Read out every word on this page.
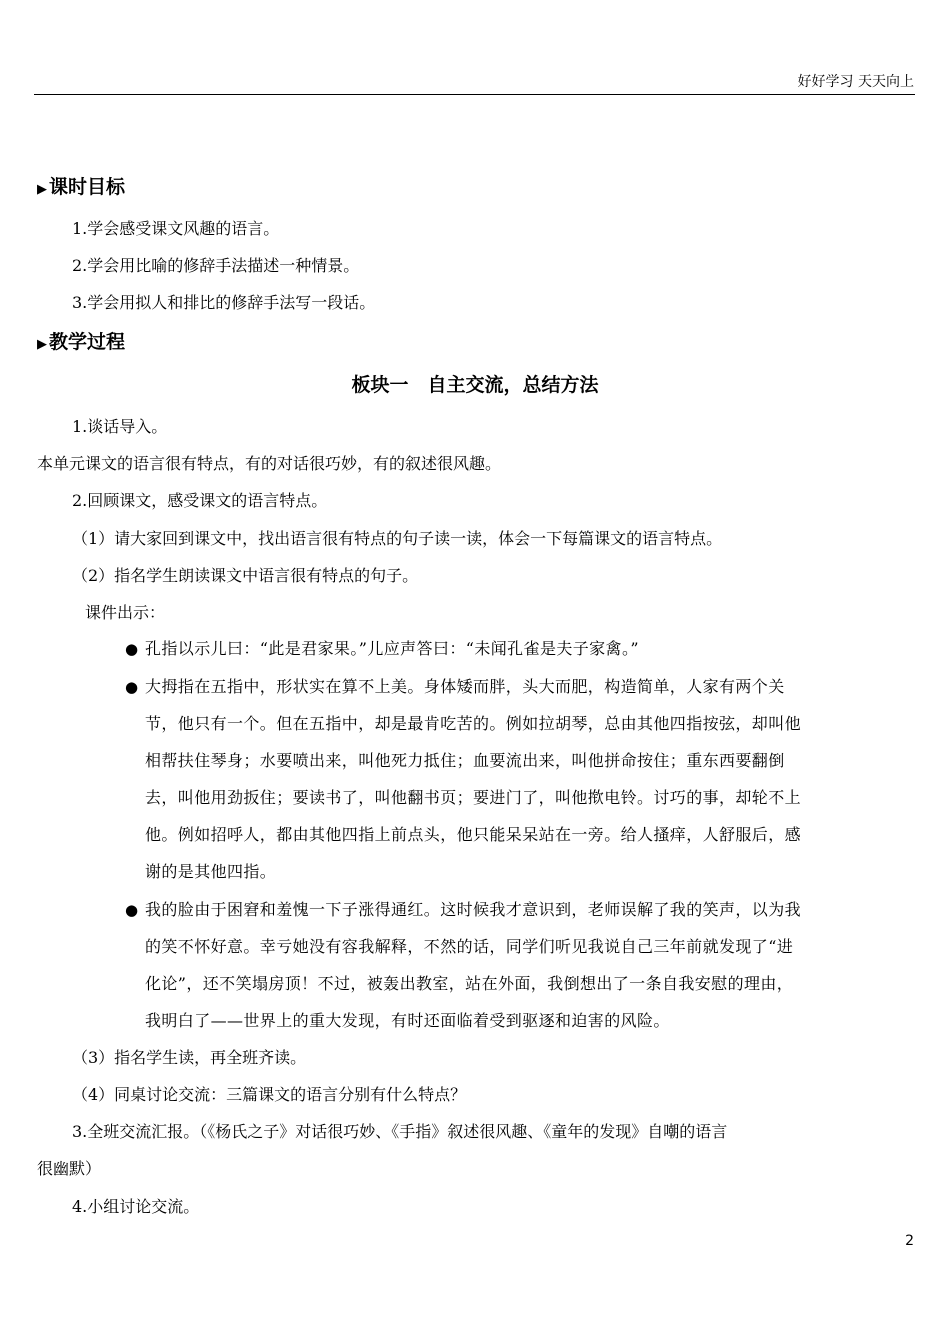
好好学习 天天向上
▶ 课时目标
1.学会感受课文风趣的语言。
2.学会用比喻的修辞手法描述一种情景。
3.学会用拟人和排比的修辞手法写一段话。
▶ 教学过程
板块一　自主交流，总结方法
1.谈话导入。
本单元课文的语言很有特点，有的对话很巧妙，有的叙述很风趣。
2.回顾课文，感受课文的语言特点。
（1）请大家回到课文中，找出语言很有特点的句子读一读，体会一下每篇课文的语言特点。
（2）指名学生朗读课文中语言很有特点的句子。
课件出示：
● 孔指以示儿曰：“此是君家果。”儿应声答曰：“未闻孔雀是夫子家禽。”
● 大拇指在五指中，形状实在算不上美。身体矮而胖，头大而肥，构造简单，人家有两个关
节，他只有一个。但在五指中，却是最肯吃苦的。例如拉胡琴，总由其他四指按弦，却叫他
相帮扶住琴身；水要喷出来，叫他死力抵住；血要流出来，叫他拼命按住；重东西要翻倒
去，叫他用劲扳住；要读书了，叫他翻书页；要进门了，叫他揿电铃。讨巧的事，却轮不上
他。例如招呼人，都由其他四指上前点头，他只能呆呆站在一旁。给人搔痒，人舒服后，感
谢的是其他四指。
● 我的脸由于困窘和羞愧一下子涨得通红。这时候我才意识到，老师误解了我的笑声，以为我
的笑不怀好意。幸亏她没有容我解释，不然的话，同学们听见我说自己三年前就发现了“进
化论”，还不笑塌房顶！不过，被轰出教室，站在外面，我倒想出了一条自我安慰的理由，
我明白了——世界上的重大发现，有时还面临着受到驱逐和迫害的风险。
（3）指名学生读，再全班齐读。
（4）同桌讨论交流：三篇课文的语言分别有什么特点？
3.全班交流汇报。（《杨氏之子》对话很巧妙、《手指》叙述很风趣、《童年的发现》自嘲的语言
很幽默）
4.小组讨论交流。
2
